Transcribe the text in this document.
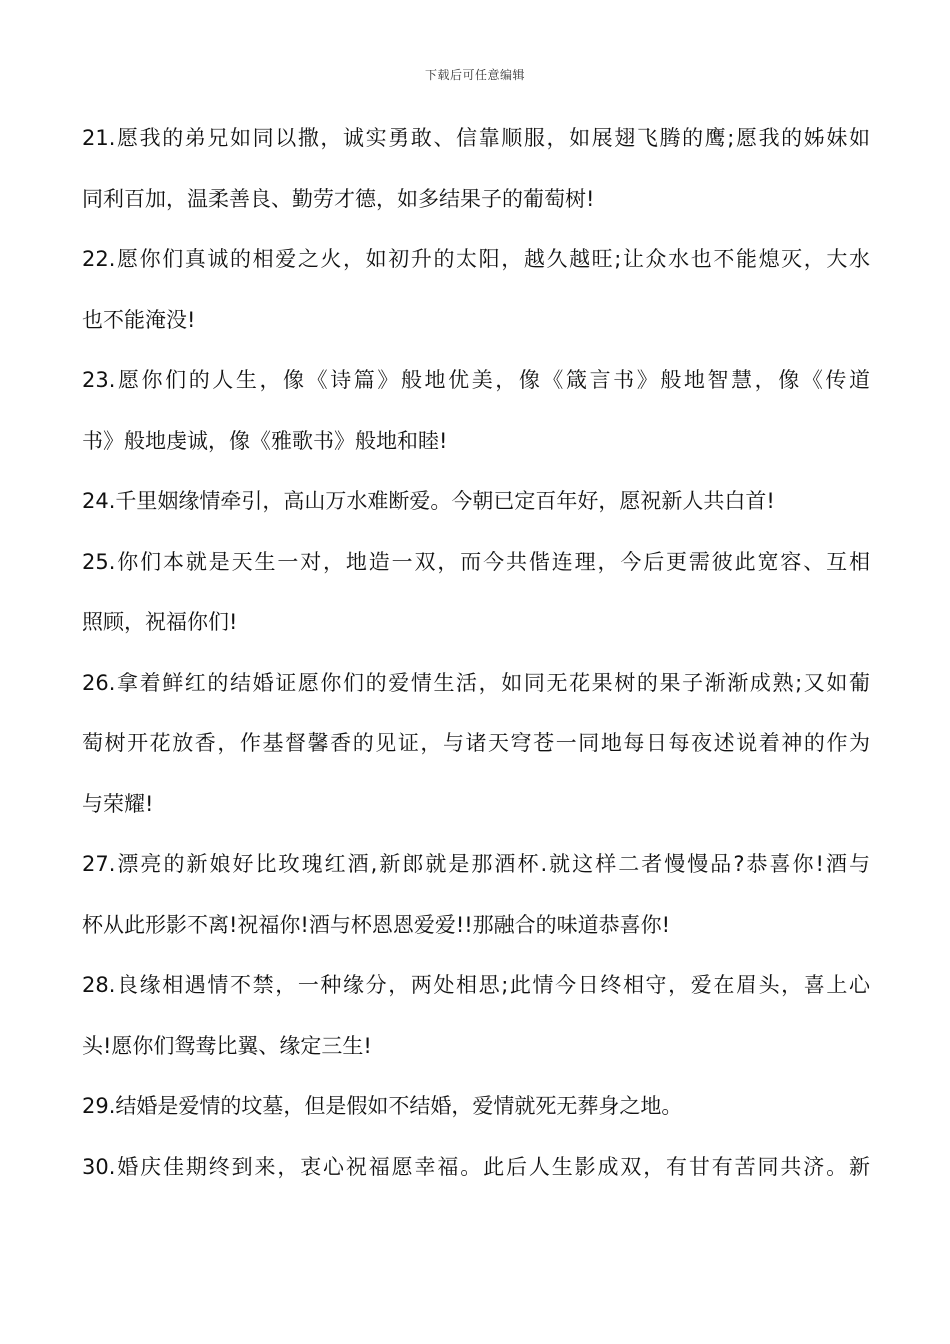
下载后可任意编辑
21.愿我的弟兄如同以撒，诚实勇敢、信靠顺服，如展翅飞腾的鹰;愿我的姊妹如
同利百加，温柔善良、勤劳才德，如多结果子的葡萄树!
22.愿你们真诚的相爱之火，如初升的太阳，越久越旺;让众水也不能熄灭，大水
也不能淹没!
23.愿你们的人生，像《诗篇》般地优美，像《箴言书》般地智慧，像《传道
书》般地虔诚，像《雅歌书》般地和睦!
24.千里姻缘情牵引，高山万水难断爱。今朝已定百年好，愿祝新人共白首!
25.你们本就是天生一对，地造一双，而今共偕连理，今后更需彼此宽容、互相
照顾，祝福你们!
26.拿着鲜红的结婚证愿你们的爱情生活，如同无花果树的果子渐渐成熟;又如葡
萄树开花放香，作基督馨香的见证，与诸天穹苍一同地每日每夜述说着神的作为
与荣耀!
27.漂亮的新娘好比玫瑰红酒,新郎就是那酒杯.就这样二者慢慢品?恭喜你!酒与
杯从此形影不离!祝福你!酒与杯恩恩爱爱!!那融合的味道恭喜你!
28.良缘相遇情不禁，一种缘分，两处相思;此情今日终相守，爱在眉头，喜上心
头!愿你们鸳鸯比翼、缘定三生!
29.结婚是爱情的坟墓，但是假如不结婚，爱情就死无葬身之地。
30.婚庆佳期终到来，衷心祝福愿幸福。此后人生影成双，有甘有苦同共济。新
